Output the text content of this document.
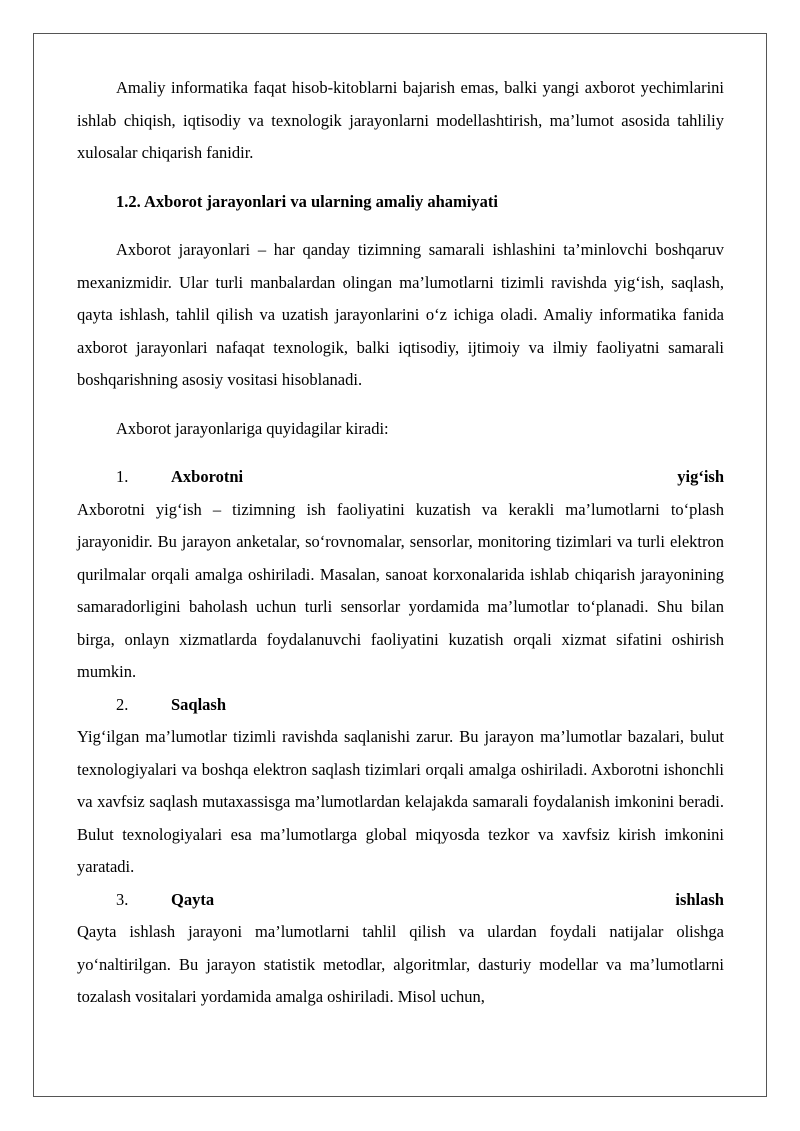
Amaliy informatika faqat hisob-kitoblarni bajarish emas, balki yangi axborot yechimlarini ishlab chiqish, iqtisodiy va texnologik jarayonlarni modellashtirish, ma’lumot asosida tahliliy xulosalar chiqarish fanidir.

1.2. Axborot jarayonlari va ularning amaliy ahamiyati

Axborot jarayonlari – har qanday tizimning samarali ishlashini ta’minlovchi boshqaruv mexanizmidir. Ular turli manbalardan olingan ma’lumotlarni tizimli ravishda yig‘ish, saqlash, qayta ishlash, tahlil qilish va uzatish jarayonlarini o‘z ichiga oladi. Amaliy informatika fanida axborot jarayonlari nafaqat texnologik, balki iqtisodiy, ijtimoiy va ilmiy faoliyatni samarali boshqarishning asosiy vositasi hisoblanadi.

Axborot jarayonlariga quyidagilar kiradi:

1.	Axborotni	yig‘ish

Axborotni yig‘ish – tizimning ish faoliyatini kuzatish va kerakli ma’lumotlarni to‘plash jarayonidir. Bu jarayon anketalar, so‘rovnomalar, sensorlar, monitoring tizimlari va turli elektron qurilmalar orqali amalga oshiriladi. Masalan, sanoat korxonalarida ishlab chiqarish jarayonining samaradorligini baholash uchun turli sensorlar yordamida ma’lumotlar to‘planadi. Shu bilan birga, onlayn xizmatlarda foydalanuvchi faoliyatini kuzatish orqali xizmat sifatini oshirish mumkin.

2.	Saqlash

Yig‘ilgan ma’lumotlar tizimli ravishda saqlanishi zarur. Bu jarayon ma’lumotlar bazalari, bulut texnologiyalari va boshqa elektron saqlash tizimlari orqali amalga oshiriladi. Axborotni ishonchli va xavfsiz saqlash mutaxassisga ma’lumotlardan kelajakda samarali foydalanish imkonini beradi. Bulut texnologiyalari esa ma’lumotlarga global miqyosda tezkor va xavfsiz kirish imkonini yaratadi.

3.	Qayta	ishlash

Qayta ishlash jarayoni ma’lumotlarni tahlil qilish va ulardan foydali natijalar olishga yo‘naltirilgan. Bu jarayon statistik metodlar, algoritmlar, dasturiy modellar va ma’lumotlarni tozalash vositalari yordamida amalga oshiriladi. Misol uchun,
